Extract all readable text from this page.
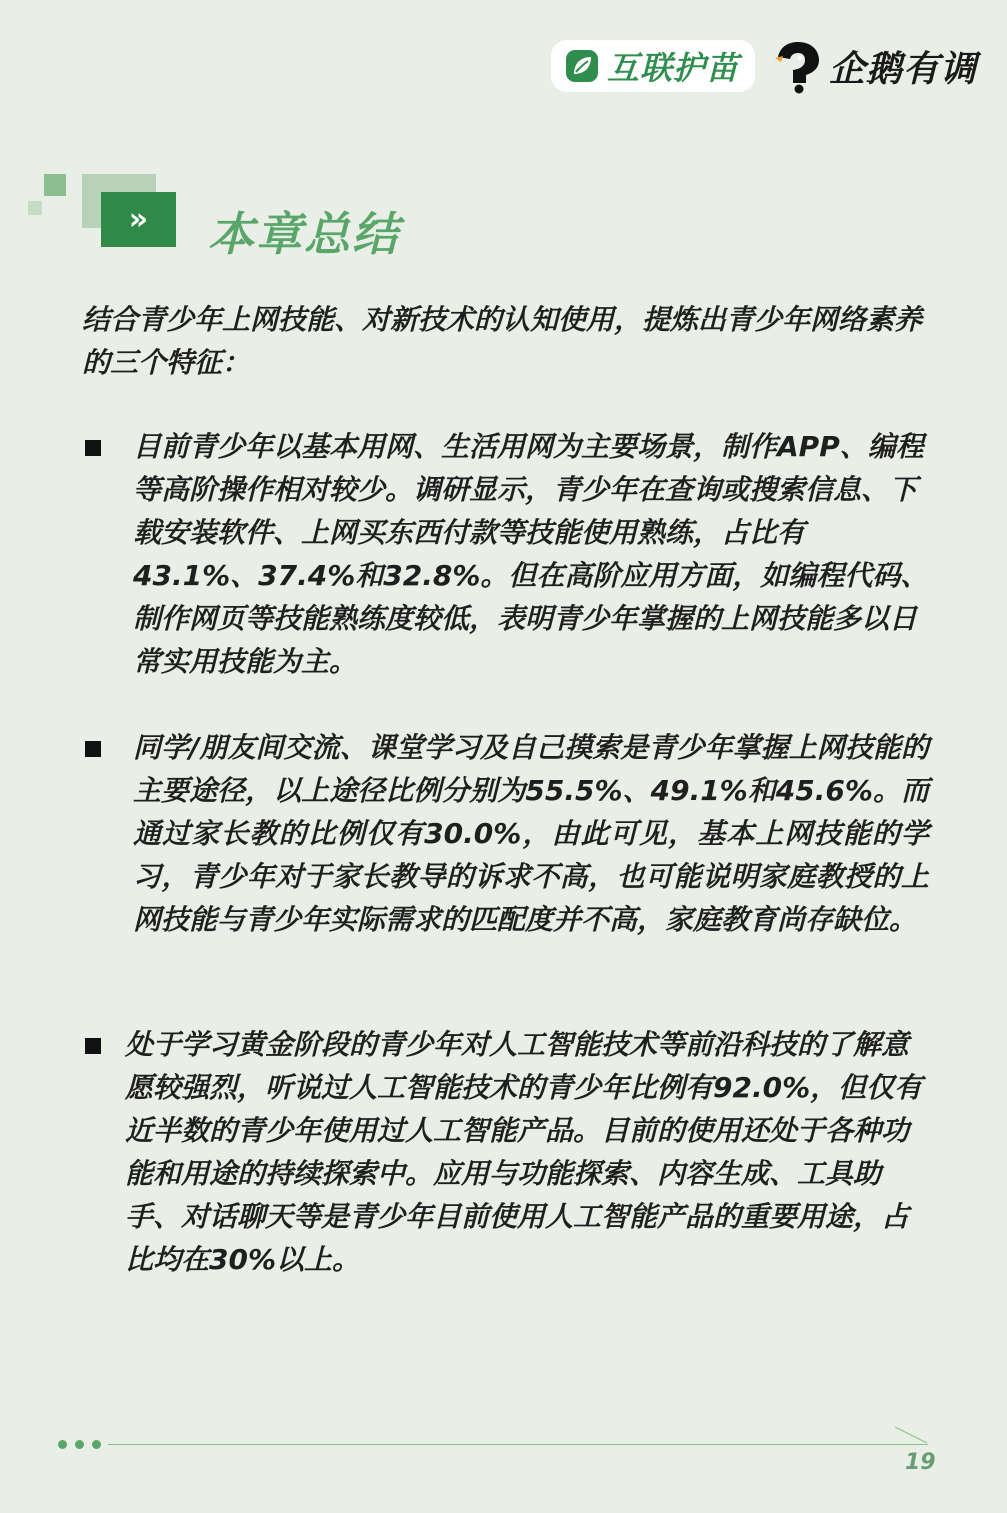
互联护苗	企鹅有调
» 本章总结

结合青少年上网技能、对新技术的认知使用，提炼出青少年网络素养的三个特征：

目前青少年以基本用网、生活用网为主要场景，制作APP、编程等高阶操作相对较少。调研显示，青少年在查询或搜索信息、下载安装软件、上网买东西付款等技能使用熟练，占比有43.1%、37.4%和32.8%。但在高阶应用方面，如编程代码、制作网页等技能熟练度较低，表明青少年掌握的上网技能多以日常实用技能为主。

同学/朋友间交流、课堂学习及自己摸索是青少年掌握上网技能的主要途径，以上途径比例分别为55.5%、49.1%和45.6%。而通过家长教的比例仅有30.0%，由此可见，基本上网技能的学习，青少年对于家长教导的诉求不高，也可能说明家庭教授的上网技能与青少年实际需求的匹配度并不高，家庭教育尚存缺位。

处于学习黄金阶段的青少年对人工智能技术等前沿科技的了解意愿较强烈，听说过人工智能技术的青少年比例有92.0%，但仅有近半数的青少年使用过人工智能产品。目前的使用还处于各种功能和用途的持续探索中。应用与功能探索、内容生成、工具助手、对话聊天等是青少年目前使用人工智能产品的重要用途，占比均在30%以上。

19
